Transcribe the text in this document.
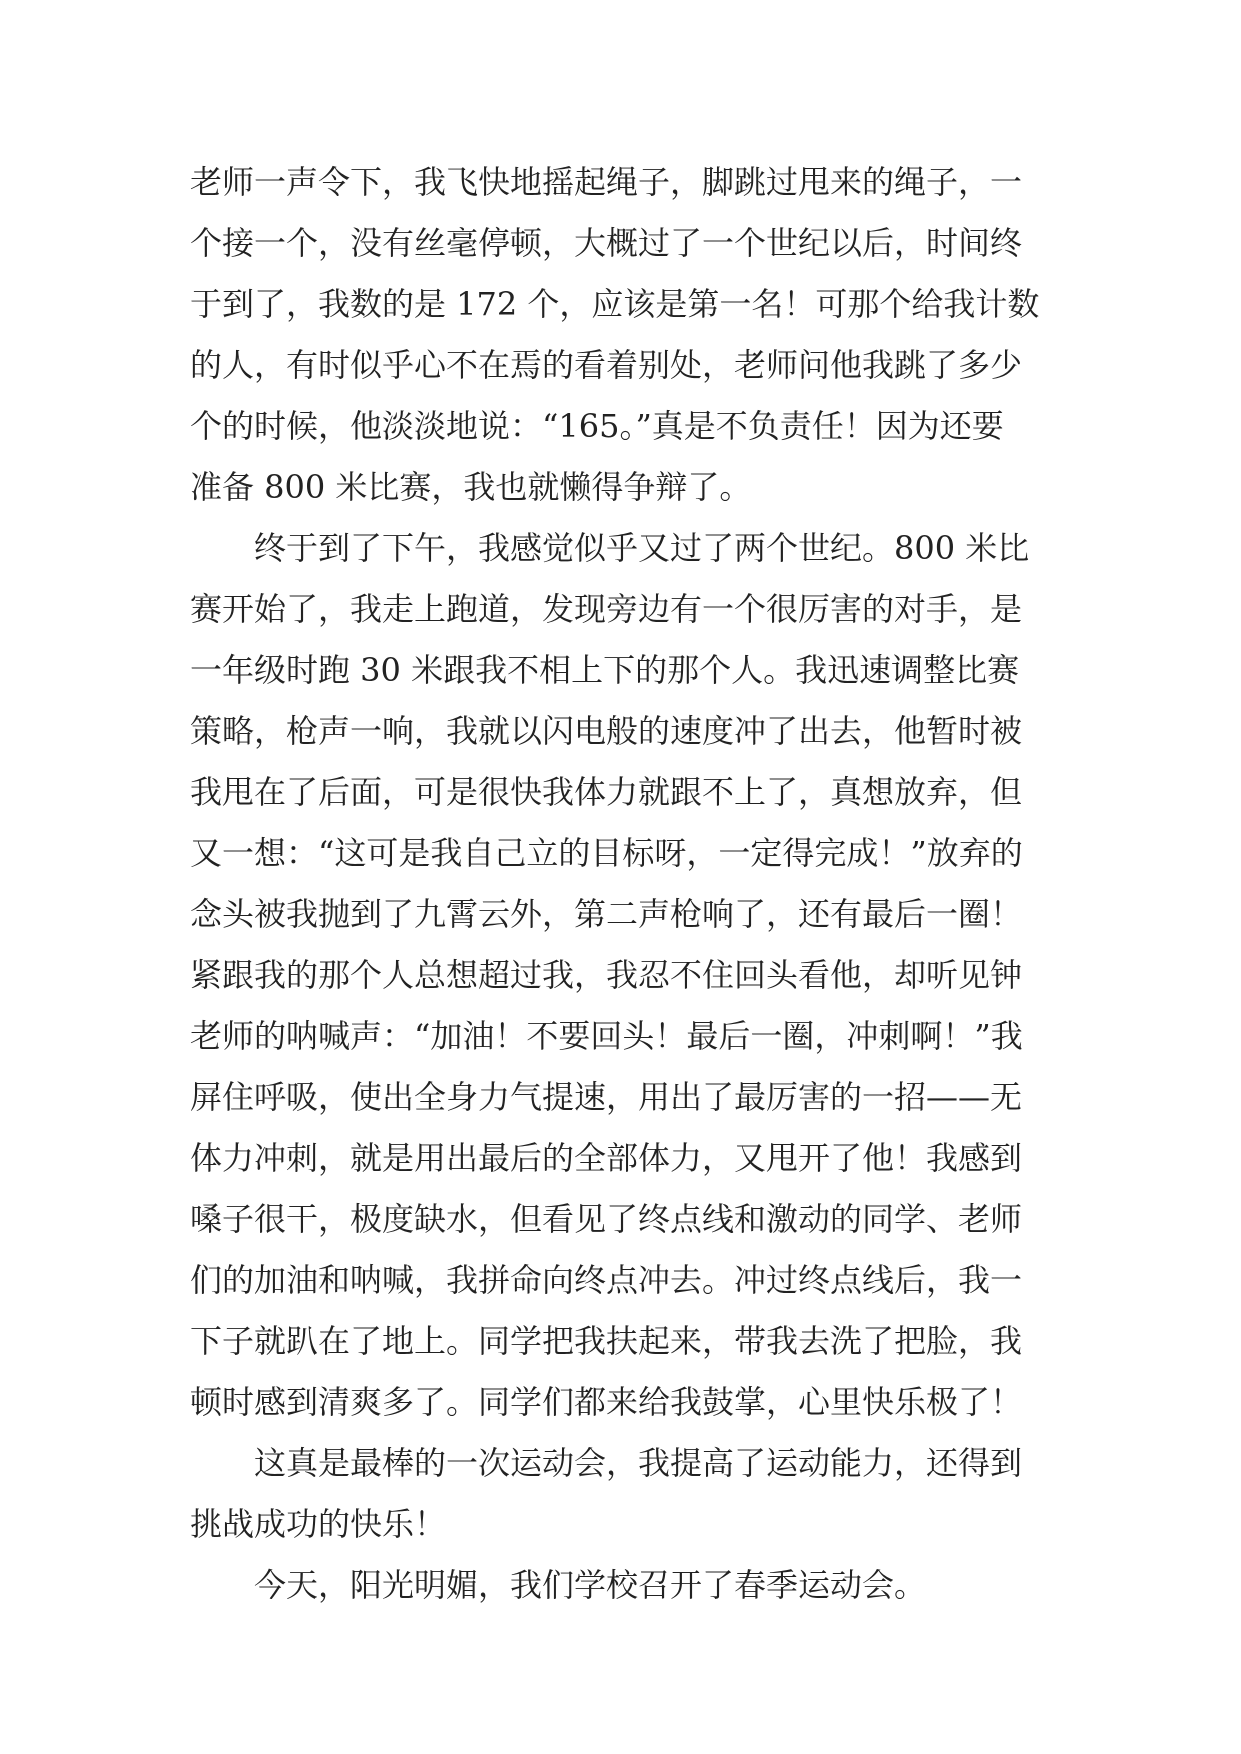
老师一声令下，我飞快地摇起绳子，脚跳过甩来的绳子，一
个接一个，没有丝毫停顿，大概过了一个世纪以后，时间终
于到了，我数的是 172 个，应该是第一名！可那个给我计数
的人，有时似乎心不在焉的看着别处，老师问他我跳了多少
个的时候，他淡淡地说：“165。”真是不负责任！因为还要
准备 800 米比赛，我也就懒得争辩了。
终于到了下午，我感觉似乎又过了两个世纪。800 米比
赛开始了，我走上跑道，发现旁边有一个很厉害的对手，是
一年级时跑 30 米跟我不相上下的那个人。我迅速调整比赛
策略，枪声一响，我就以闪电般的速度冲了出去，他暂时被
我甩在了后面，可是很快我体力就跟不上了，真想放弃，但
又一想：“这可是我自己立的目标呀，一定得完成！”放弃的
念头被我抛到了九霄云外，第二声枪响了，还有最后一圈！
紧跟我的那个人总想超过我，我忍不住回头看他，却听见钟
老师的呐喊声：“加油！不要回头！最后一圈，冲刺啊！”我
屏住呼吸，使出全身力气提速，用出了最厉害的一招——无
体力冲刺，就是用出最后的全部体力，又甩开了他！我感到
嗓子很干，极度缺水，但看见了终点线和激动的同学、老师
们的加油和呐喊，我拼命向终点冲去。冲过终点线后，我一
下子就趴在了地上。同学把我扶起来，带我去洗了把脸，我
顿时感到清爽多了。同学们都来给我鼓掌，心里快乐极了！
这真是最棒的一次运动会，我提高了运动能力，还得到
挑战成功的快乐！
今天，阳光明媚，我们学校召开了春季运动会。
